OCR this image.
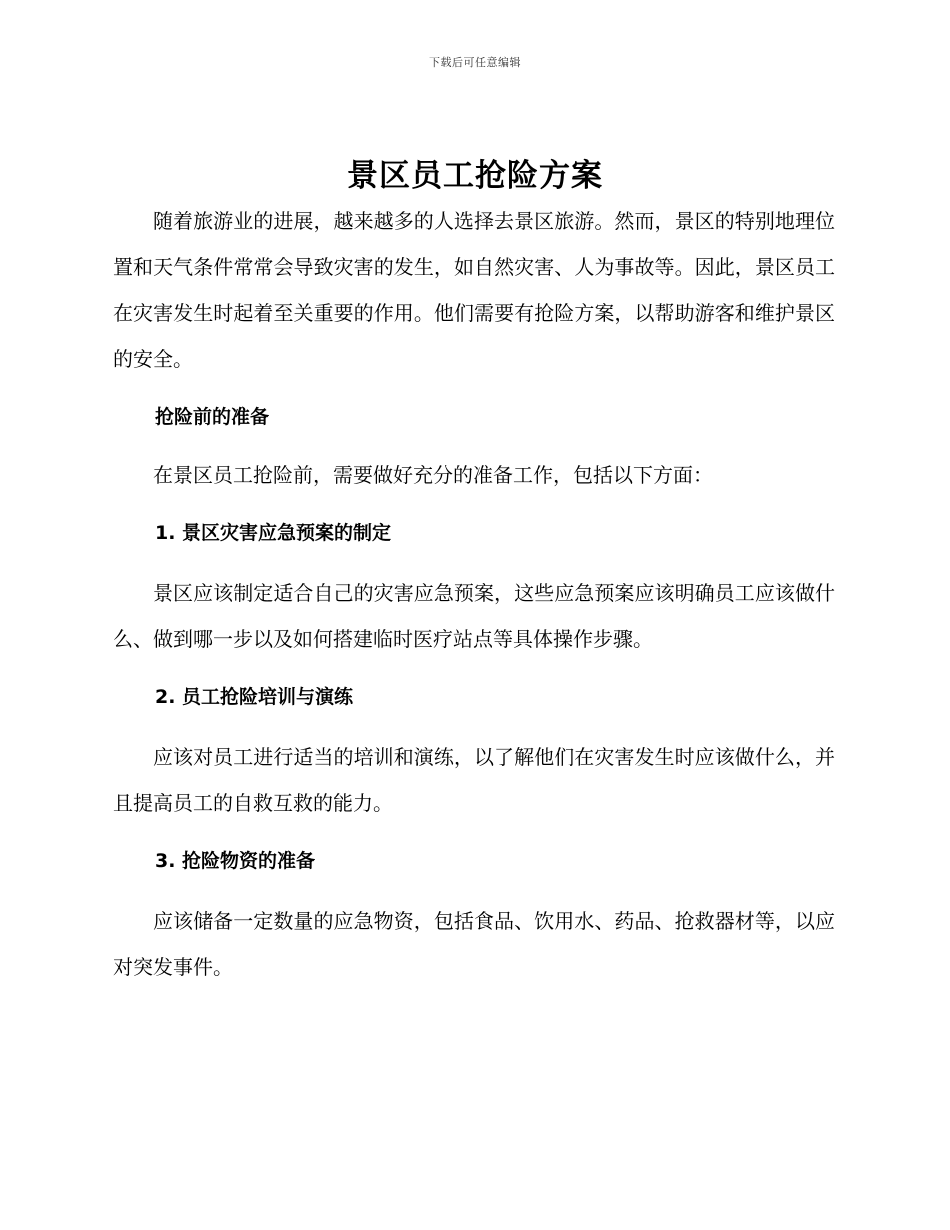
下载后可任意编辑
景区员工抢险方案

随着旅游业的进展，越来越多的人选择去景区旅游。然而，景区的特别地理位置和天气条件常常会导致灾害的发生，如自然灾害、人为事故等。因此，景区员工在灾害发生时起着至关重要的作用。他们需要有抢险方案，以帮助游客和维护景区的安全。

抢险前的准备

在景区员工抢险前，需要做好充分的准备工作，包括以下方面：

1. 景区灾害应急预案的制定

景区应该制定适合自己的灾害应急预案，这些应急预案应该明确员工应该做什么、做到哪一步以及如何搭建临时医疗站点等具体操作步骤。

2. 员工抢险培训与演练

应该对员工进行适当的培训和演练，以了解他们在灾害发生时应该做什么，并且提高员工的自救互救的能力。

3. 抢险物资的准备

应该储备一定数量的应急物资，包括食品、饮用水、药品、抢救器材等，以应对突发事件。
